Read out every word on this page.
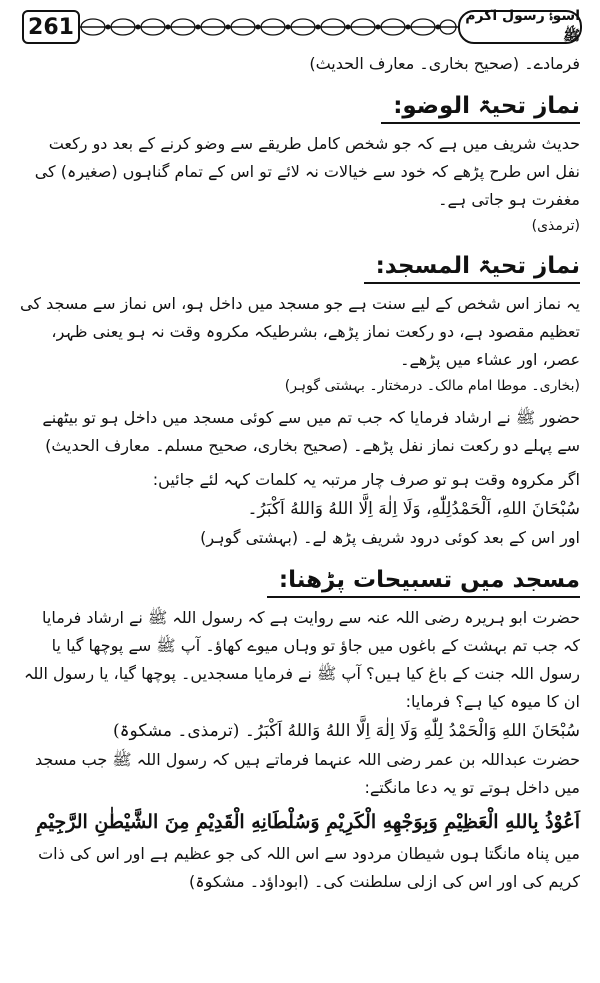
261	اسوۂ رسول اکرم ﷺ

فرمادے۔ (صحیح بخاری۔ معارف الحدیث)

نماز تحیۃ الوضو:

حدیث شریف میں ہے کہ جو شخص کامل طریقے سے وضو کرنے کے بعد دو رکعت نفل اس طرح پڑھے کہ خود سے خیالات نہ لائے تو اس کے تمام گناہوں (صغیرہ) کی مغفرت ہو جاتی ہے۔

(ترمذی)

نماز تحیۃ المسجد:

یہ نماز اس شخص کے لیے سنت ہے جو مسجد میں داخل ہو، اس نماز سے مسجد کی تعظیم مقصود ہے، دو رکعت نماز پڑھے، بشرطیکہ مکروہ وقت نہ ہو یعنی ظہر، عصر، اور عشاء میں پڑھے۔

(بخاری۔ موطا امام مالک۔ درمختار۔ بہشتی گوہر)

حضور ﷺ نے ارشاد فرمایا کہ جب تم میں سے کوئی مسجد میں داخل ہو تو بیٹھنے سے پہلے دو رکعت نماز نفل پڑھے۔ (صحیح بخاری، صحیح مسلم۔ معارف الحدیث)

اگر مکروہ وقت ہو تو صرف چار مرتبہ یہ کلمات کہہ لئے جائیں:

سُبْحَانَ اللهِ، اَلْحَمْدُلِلّٰهِ، وَلَا اِلٰهَ اِلَّا اللهُ وَاللهُ اَكْبَرُ۔

اور اس کے بعد کوئی درود شریف پڑھ لے۔ (بہشتی گوہر)

مسجد میں تسبیحات پڑھنا:

حضرت ابو ہریرہ رضی اللہ عنہ سے روایت ہے کہ رسول اللہ ﷺ نے ارشاد فرمایا کہ جب تم بہشت کے باغوں میں جاؤ تو وہاں میوے کھاؤ۔ آپ ﷺ سے پوچھا گیا یا رسول اللہ جنت کے باغ کیا ہیں؟ آپ ﷺ نے فرمایا مسجدیں۔ پوچھا گیا، یا رسول اللہ ان کا میوہ کیا ہے؟ فرمایا:

سُبْحَانَ اللهِ وَالْحَمْدُ لِلّٰهِ وَلَا اِلٰهَ اِلَّا اللهُ وَاللهُ اَكْبَرُ۔ (ترمذی۔ مشکوۃ)

حضرت عبداللہ بن عمر رضی اللہ عنہما فرماتے ہیں کہ رسول اللہ ﷺ جب مسجد میں داخل ہوتے تو یہ دعا مانگتے:

اَعُوْذُ بِاللهِ الْعَظِيْمِ وَبِوَجْهِهِ الْكَرِيْمِ وَسُلْطَانِهِ الْقَدِيْمِ مِنَ الشَّيْطٰنِ الرَّجِيْمِ

میں پناہ مانگتا ہوں شیطان مردود سے اس اللہ کی جو عظیم ہے اور اس کی ذات کریم کی اور اس کی ازلی سلطنت کی۔ (ابوداؤد۔ مشکوۃ)
